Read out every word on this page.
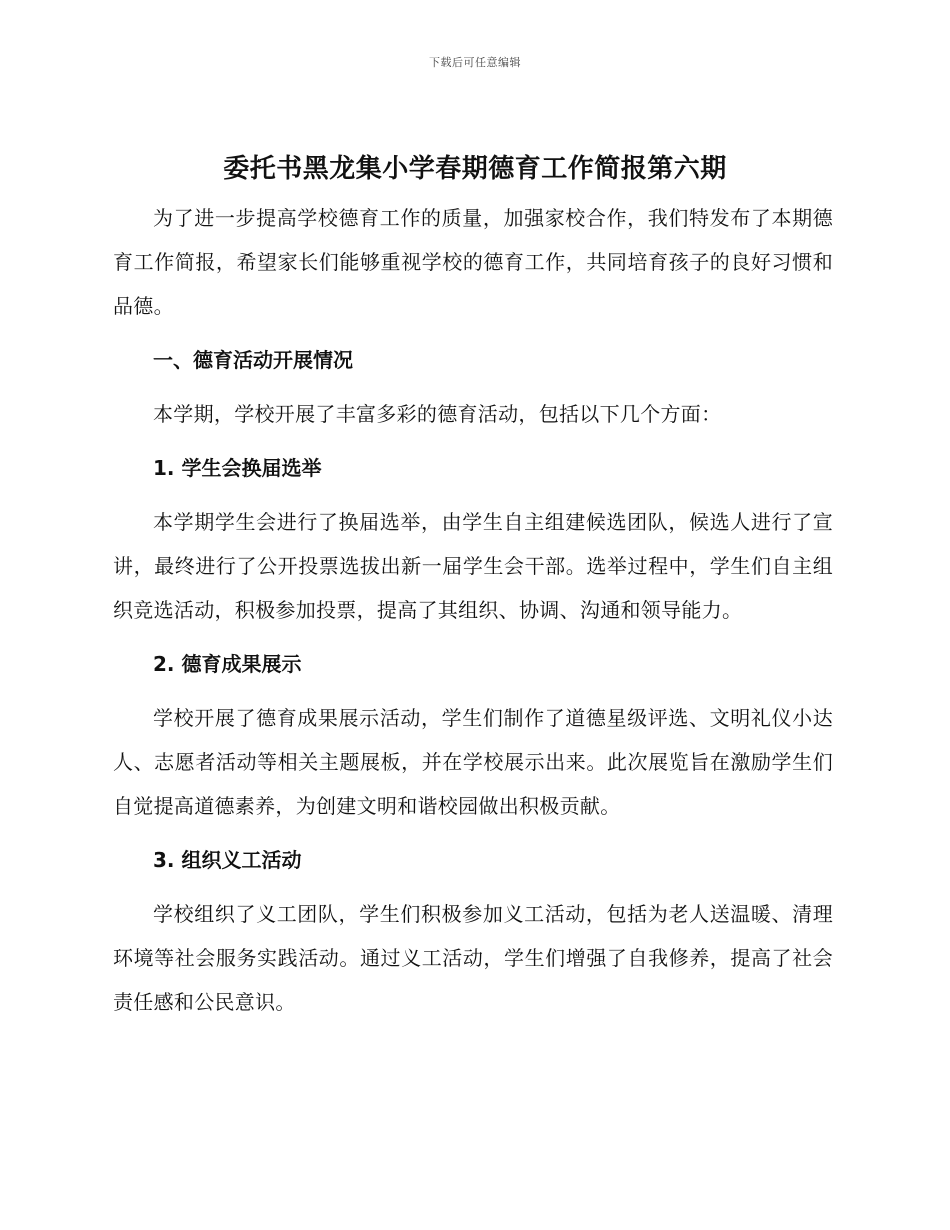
下载后可任意编辑
委托书黑龙集小学春期德育工作简报第六期

为了进一步提高学校德育工作的质量，加强家校合作，我们特发布了本期德育工作简报，希望家长们能够重视学校的德育工作，共同培育孩子的良好习惯和品德。

一、德育活动开展情况

本学期，学校开展了丰富多彩的德育活动，包括以下几个方面：

1. 学生会换届选举

本学期学生会进行了换届选举，由学生自主组建候选团队，候选人进行了宣讲，最终进行了公开投票选拔出新一届学生会干部。选举过程中，学生们自主组织竞选活动，积极参加投票，提高了其组织、协调、沟通和领导能力。

2. 德育成果展示

学校开展了德育成果展示活动，学生们制作了道德星级评选、文明礼仪小达人、志愿者活动等相关主题展板，并在学校展示出来。此次展览旨在激励学生们自觉提高道德素养，为创建文明和谐校园做出积极贡献。

3. 组织义工活动

学校组织了义工团队，学生们积极参加义工活动，包括为老人送温暖、清理环境等社会服务实践活动。通过义工活动，学生们增强了自我修养，提高了社会责任感和公民意识。
